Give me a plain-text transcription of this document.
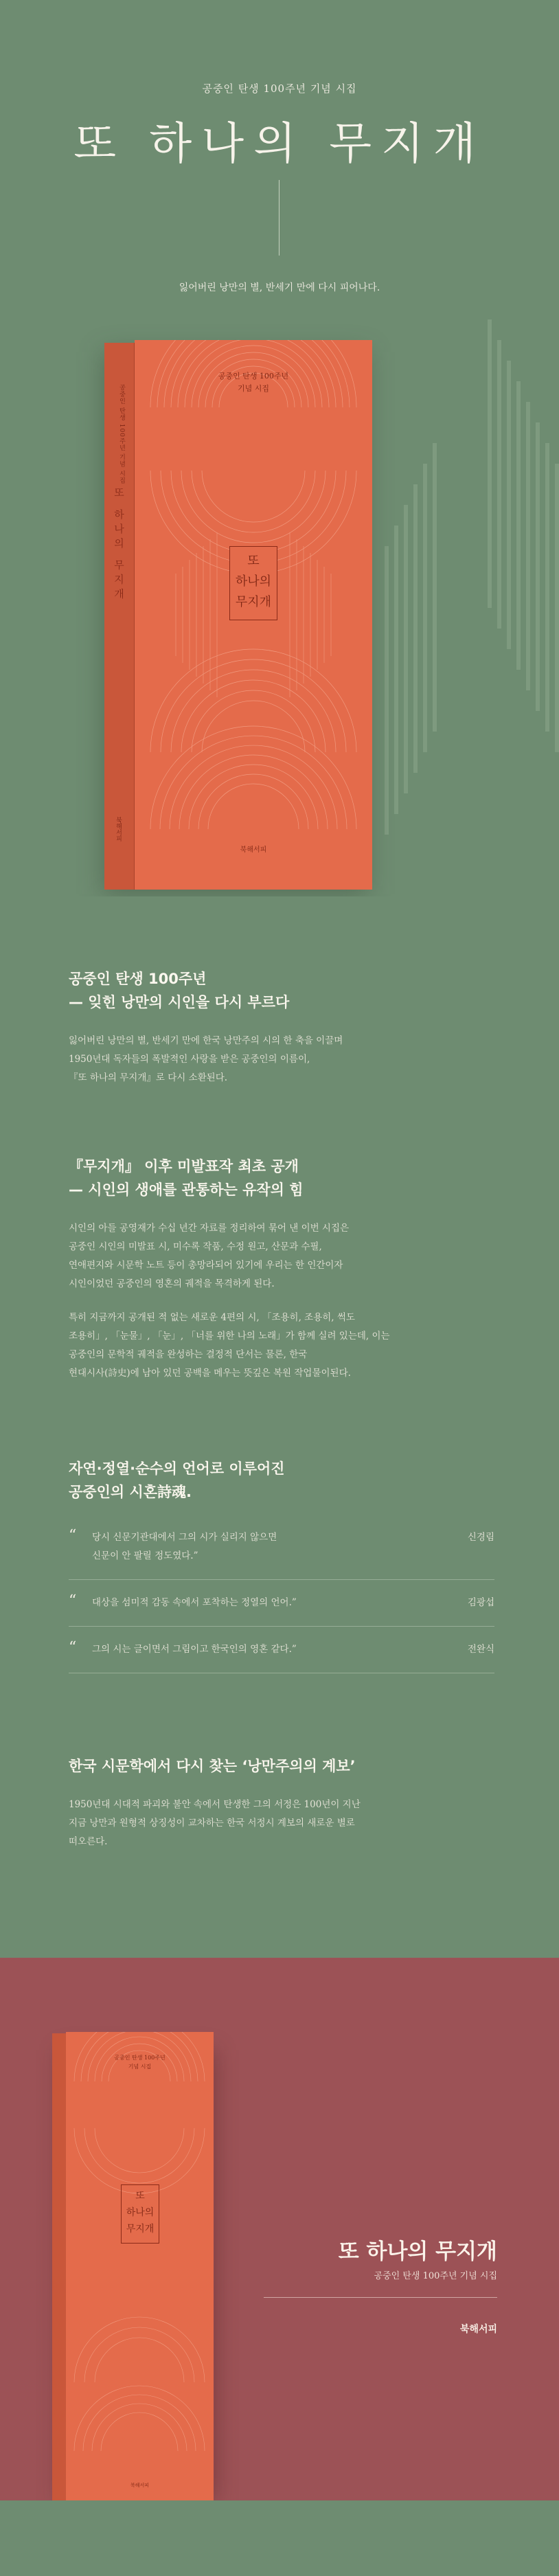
공중인 탄생 100주년 기념 시집
또 하나의 무지개
잃어버린 낭만의 별, 반세기 만에 다시 피어나다.
공중인 탄생 100주년 기념 시집
또 하나의 무지개
북해서피
공중인 탄생 100주년
기념 시집
또
하나의
무지개
북해서피
공중인 탄생 100주년
— 잊힌 낭만의 시인을 다시 부르다

잃어버린 낭만의 별, 반세기 만에 한국 낭만주의 시의 한 축을 이끌며
1950년대 독자들의 폭발적인 사랑을 받은 공중인의 이름이,
『또 하나의 무지개』로 다시 소환된다.

『무지개』 이후 미발표작 최초 공개
— 시인의 생애를 관통하는 유작의 힘

시인의 아들 공영재가 수십 년간 자료를 정리하여 묶어 낸 이번 시집은
공중인 시인의 미발표 시, 미수록 작품, 수정 원고, 산문과 수필,
연애편지와 시문학 노트 등이 총망라되어 있기에 우리는 한 인간이자
시인이었던 공중인의 영혼의 궤적을 목격하게 된다.

특히 지금까지 공개된 적 없는 새로운 4편의 시, 「조용히, 조용히, 썩도
조용히」, 「눈물」, 「눈」, 「너를 위한 나의 노래」가 함께 실려 있는데, 이는
공중인의 문학적 궤적을 완성하는 결정적 단서는 물론, 한국
현대시사(詩史)에 남아 있던 공백을 메우는 뜻깊은 복원 작업물이된다.

자연·정열·순수의 언어로 이루어진
공중인의 시혼詩魂.
“	당시 신문기관대에서 그의 시가 실리지 않으면
신문이 안 팔릴 정도였다.”
신경림
“	대상을 섬미적 감동 속에서 포착하는 정열의 언어.”	김광섭
“	그의 시는 글이면서 그림이고 한국인의 영혼 같다.”	전완식
한국 시문학에서 다시 찾는 ‘낭만주의의 계보’

1950년대 시대적 파괴와 불안 속에서 탄생한 그의 서정은 100년이 지난
지금 낭만과 원형적 상징성이 교차하는 한국 서정시 계보의 새로운 별로
떠오른다.

공중인 탄생 100주년
기념 시집
또
하나의
무지개
북해서피
또 하나의 무지개
공중인 탄생 100주년 기념 시집
북해서피
